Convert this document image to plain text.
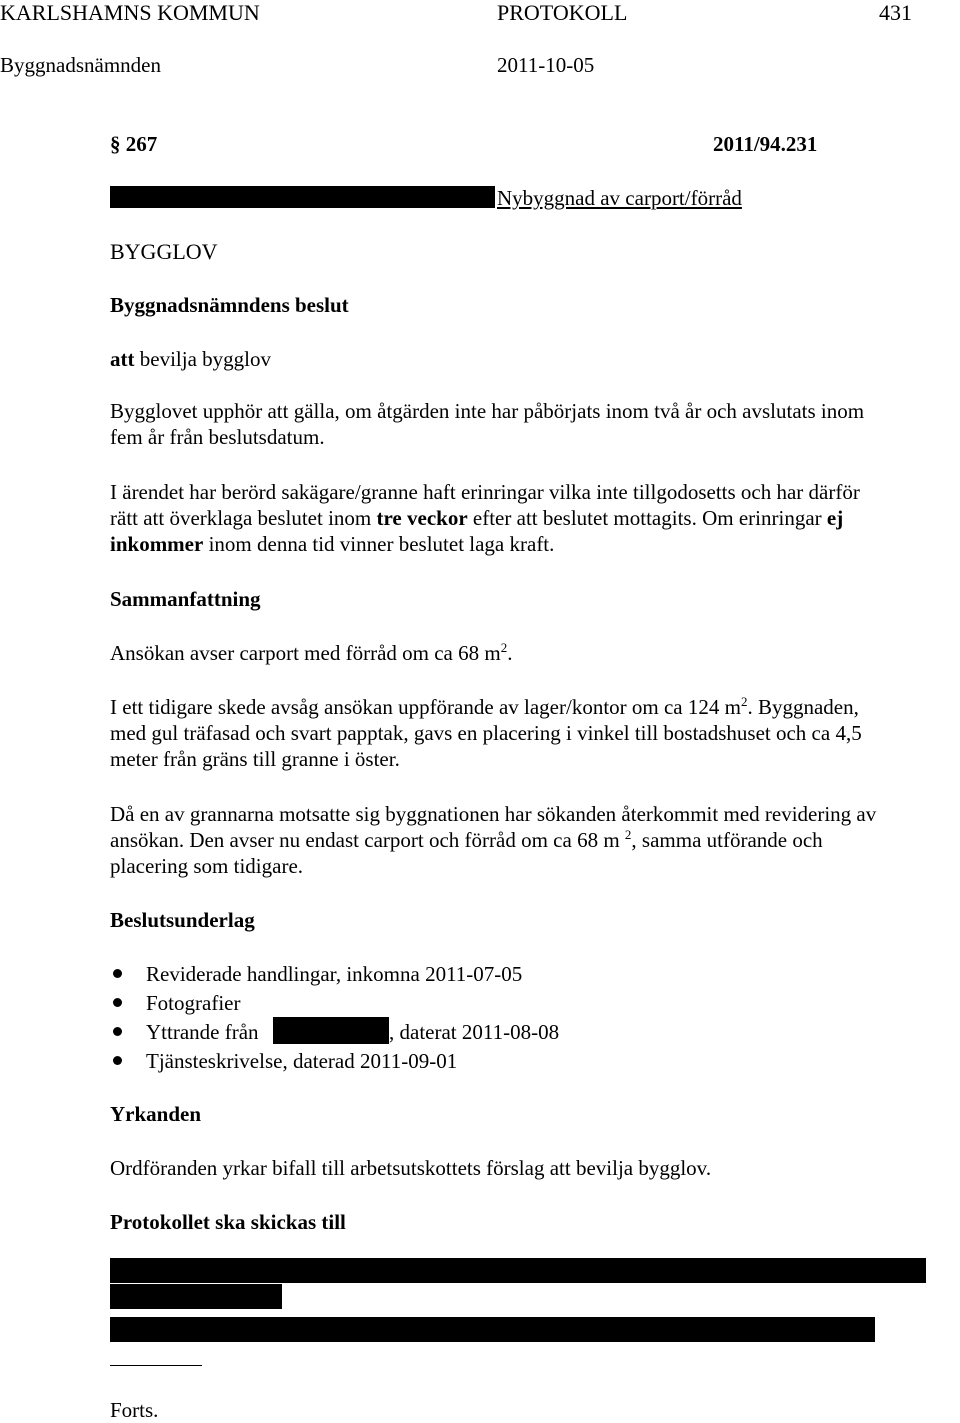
KARLSHAMNS KOMMUN	PROTOKOLL	431
Byggnadsnämnden	2011-10-05
§ 267	2011/94.231
Nybyggnad av carport/förråd
BYGGLOV
Byggnadsnämndens beslut
att bevilja bygglov
Bygglovet upphör att gälla, om åtgärden inte har påbörjats inom två år och avslutats inom
fem år från beslutsdatum.
I ärendet har berörd sakägare/granne haft erinringar vilka inte tillgodosetts och har därför
rätt att överklaga beslutet inom tre veckor efter att beslutet mottagits. Om erinringar ej
inkommer inom denna tid vinner beslutet laga kraft.
Sammanfattning
Ansökan avser carport med förråd om ca 68 $m^2$.
I ett tidigare skede avsåg ansökan uppförande av lager/kontor om ca 124 $m^2$. Byggnaden,
med gul träfasad och svart papptak, gavs en placering i vinkel till bostadshuset och ca 4,5
meter från gräns till granne i öster.
Då en av grannarna motsatte sig byggnationen har sökanden återkommit med revidering av
ansökan. Den avser nu endast carport och förråd om ca 68 m $^2$, samma utförande och
placering som tidigare.
Beslutsunderlag
Reviderade handlingar, inkomna 2011-07-05
Fotografier
Yttrande från	, daterat 2011-08-08
Tjänsteskrivelse, daterad 2011-09-01
Yrkanden
Ordföranden yrkar bifall till arbetsutskottets förslag att bevilja bygglov.
Protokollet ska skickas till
Forts.
